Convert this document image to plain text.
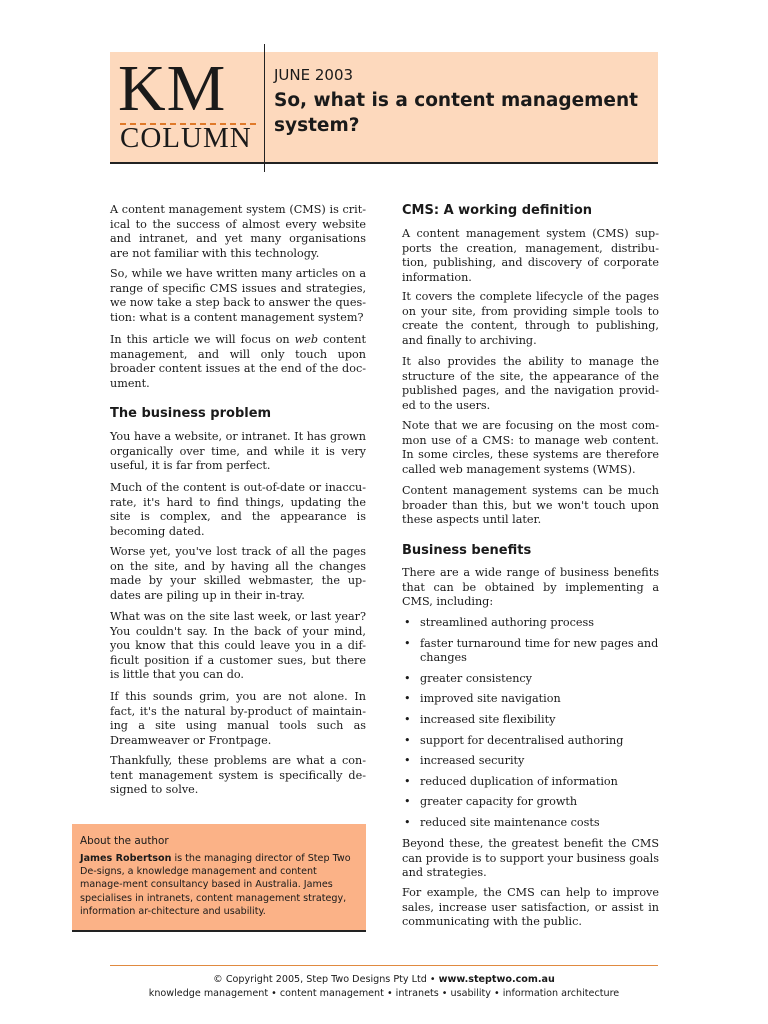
KM
COLUMN
JUNE 2003
So, what is a content management system?

A content management system (CMS) is crit-ical to the success of almost every website and intranet, and yet many organisations are not familiar with this technology.

So, while we have written many articles on a range of specific CMS issues and strategies, we now take a step back to answer the ques-tion: what is a content management system?

In this article we will focus on web content management, and will only touch upon broader content issues at the end of the doc-ument.

The business problem

You have a website, or intranet. It has grown organically over time, and while it is very useful, it is far from perfect.

Much of the content is out-of-date or inaccu-rate, it's hard to find things, updating the site is complex, and the appearance is becoming dated.

Worse yet, you've lost track of all the pages on the site, and by having all the changes made by your skilled webmaster, the up-dates are piling up in their in-tray.

What was on the site last week, or last year? You couldn't say. In the back of your mind, you know that this could leave you in a dif-ficult position if a customer sues, but there is little that you can do.

If this sounds grim, you are not alone. In fact, it's the natural by-product of maintain-ing a site using manual tools such as Dreamweaver or Frontpage.

Thankfully, these problems are what a con-tent management system is specifically de-signed to solve.

About the author
James Robertson is the managing director of Step Two De-signs, a knowledge management and content manage-ment consultancy based in Australia. James specialises in intranets, content management strategy, information ar-chitecture and usability.
CMS: A working definition

A content management system (CMS) sup-ports the creation, management, distribu-tion, publishing, and discovery of corporate information.

It covers the complete lifecycle of the pages on your site, from providing simple tools to create the content, through to publishing, and finally to archiving.

It also provides the ability to manage the structure of the site, the appearance of the published pages, and the navigation provid-ed to the users.

Note that we are focusing on the most com-mon use of a CMS: to manage web content. In some circles, these systems are therefore called web management systems (WMS).

Content management systems can be much broader than this, but we won't touch upon these aspects until later.

Business benefits

There are a wide range of business benefits that can be obtained by implementing a CMS, including:

• streamlined authoring process
• faster turnaround time for new pages and changes
• greater consistency
• improved site navigation
• increased site flexibility
• support for decentralised authoring
• increased security
• reduced duplication of information
• greater capacity for growth
• reduced site maintenance costs

Beyond these, the greatest benefit the CMS can provide is to support your business goals and strategies.

For example, the CMS can help to improve sales, increase user satisfaction, or assist in communicating with the public.

© Copyright 2005, Step Two Designs Pty Ltd • www.steptwo.com.au
knowledge management • content management • intranets • usability • information architecture
